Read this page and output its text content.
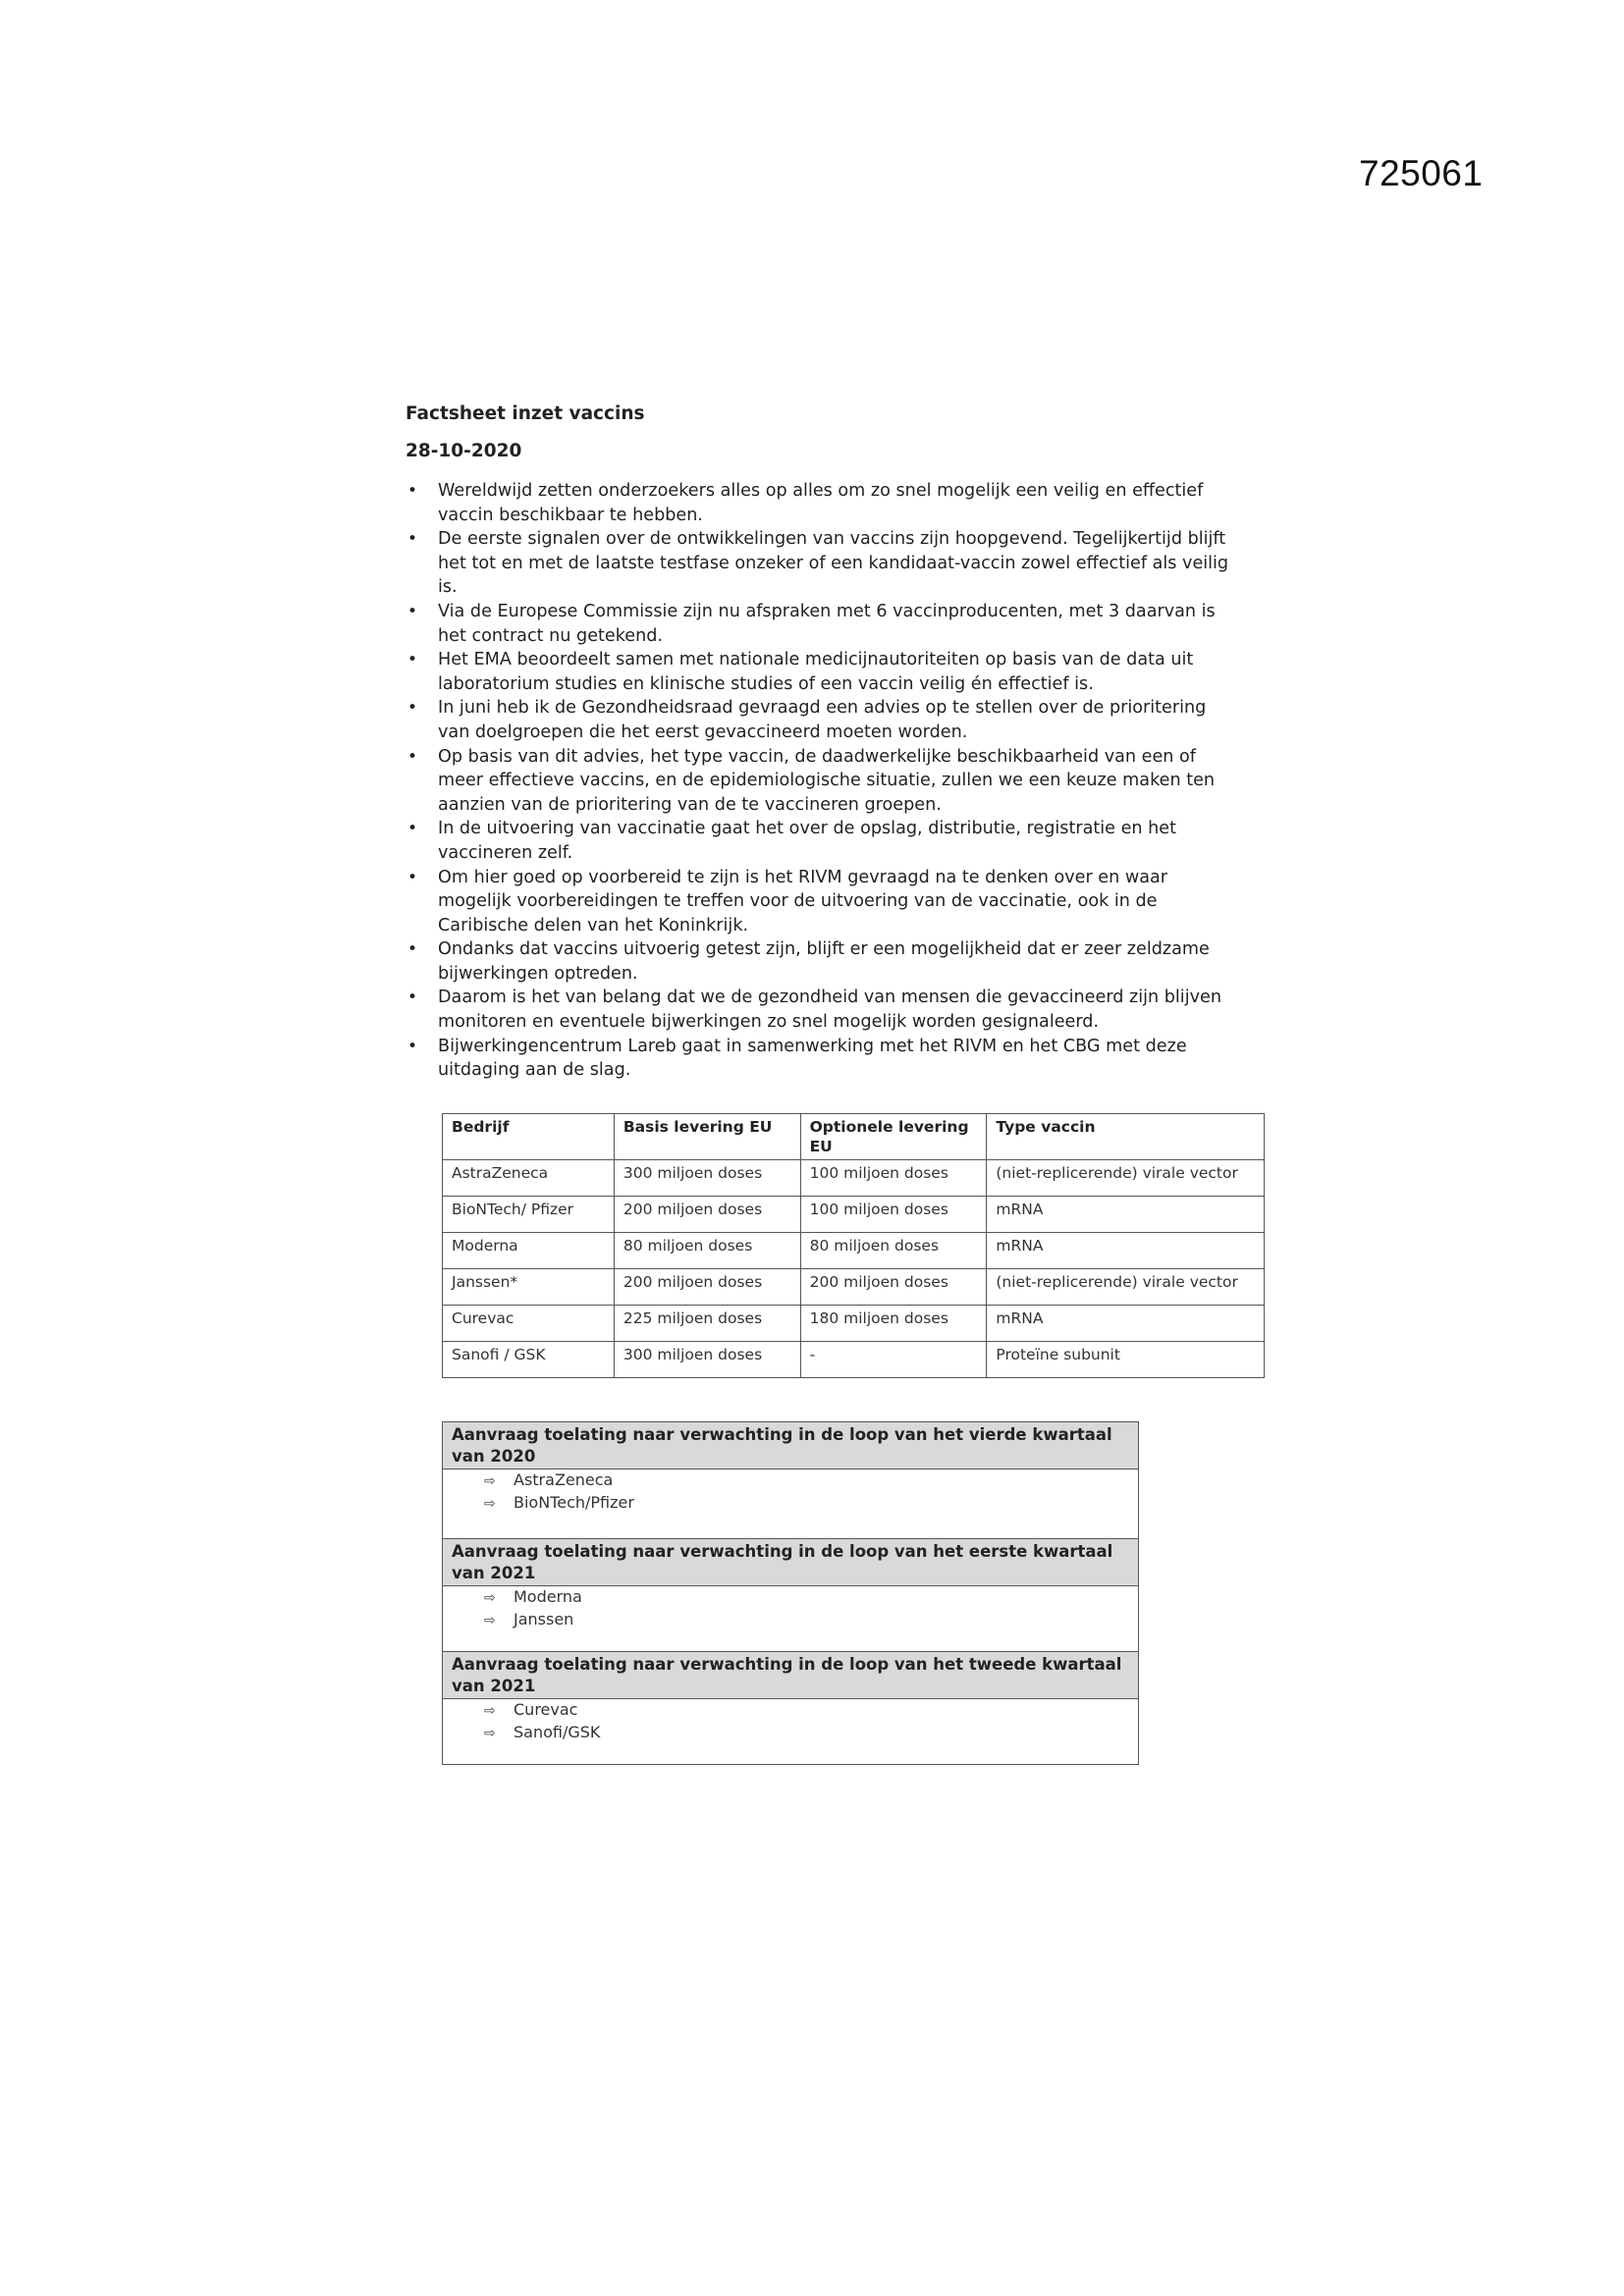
725061

Factsheet inzet vaccins

28-10-2020

• Wereldwijd zetten onderzoekers alles op alles om zo snel mogelijk een veilig en effectief vaccin beschikbaar te hebben.
• De eerste signalen over de ontwikkelingen van vaccins zijn hoopgevend. Tegelijkertijd blijft het tot en met de laatste testfase onzeker of een kandidaat-vaccin zowel effectief als veilig is.
• Via de Europese Commissie zijn nu afspraken met 6 vaccinproducenten, met 3 daarvan is het contract nu getekend.
• Het EMA beoordeelt samen met nationale medicijnautoriteiten op basis van de data uit laboratorium studies en klinische studies of een vaccin veilig én effectief is.
• In juni heb ik de Gezondheidsraad gevraagd een advies op te stellen over de prioritering van doelgroepen die het eerst gevaccineerd moeten worden.
• Op basis van dit advies, het type vaccin, de daadwerkelijke beschikbaarheid van een of meer effectieve vaccins, en de epidemiologische situatie, zullen we een keuze maken ten aanzien van de prioritering van de te vaccineren groepen.
• In de uitvoering van vaccinatie gaat het over de opslag, distributie, registratie en het vaccineren zelf.
• Om hier goed op voorbereid te zijn is het RIVM gevraagd na te denken over en waar mogelijk voorbereidingen te treffen voor de uitvoering van de vaccinatie, ook in de Caribische delen van het Koninkrijk.
• Ondanks dat vaccins uitvoerig getest zijn, blijft er een mogelijkheid dat er zeer zeldzame bijwerkingen optreden.
• Daarom is het van belang dat we de gezondheid van mensen die gevaccineerd zijn blijven monitoren en eventuele bijwerkingen zo snel mogelijk worden gesignaleerd.
• Bijwerkingencentrum Lareb gaat in samenwerking met het RIVM en het CBG met deze uitdaging aan de slag.
Bedrijf	Basis levering EU	Optionele levering EU	Type vaccin
AstraZeneca	300 miljoen doses	100 miljoen doses	(niet-replicerende) virale vector
BioNTech/ Pfizer	200 miljoen doses	100 miljoen doses	mRNA
Moderna	80 miljoen doses	80 miljoen doses	mRNA
Janssen*	200 miljoen doses	200 miljoen doses	(niet-replicerende) virale vector
Curevac	225 miljoen doses	180 miljoen doses	mRNA
Sanofi / GSK	300 miljoen doses	-	Proteïne subunit
Aanvraag toelating naar verwachting in de loop van het vierde kwartaal van 2020
⇨ AstraZeneca
⇨ BioNTech/Pfizer
Aanvraag toelating naar verwachting in de loop van het eerste kwartaal van 2021
⇨ Moderna
⇨ Janssen
Aanvraag toelating naar verwachting in de loop van het tweede kwartaal van 2021
⇨ Curevac
⇨ Sanofi/GSK
